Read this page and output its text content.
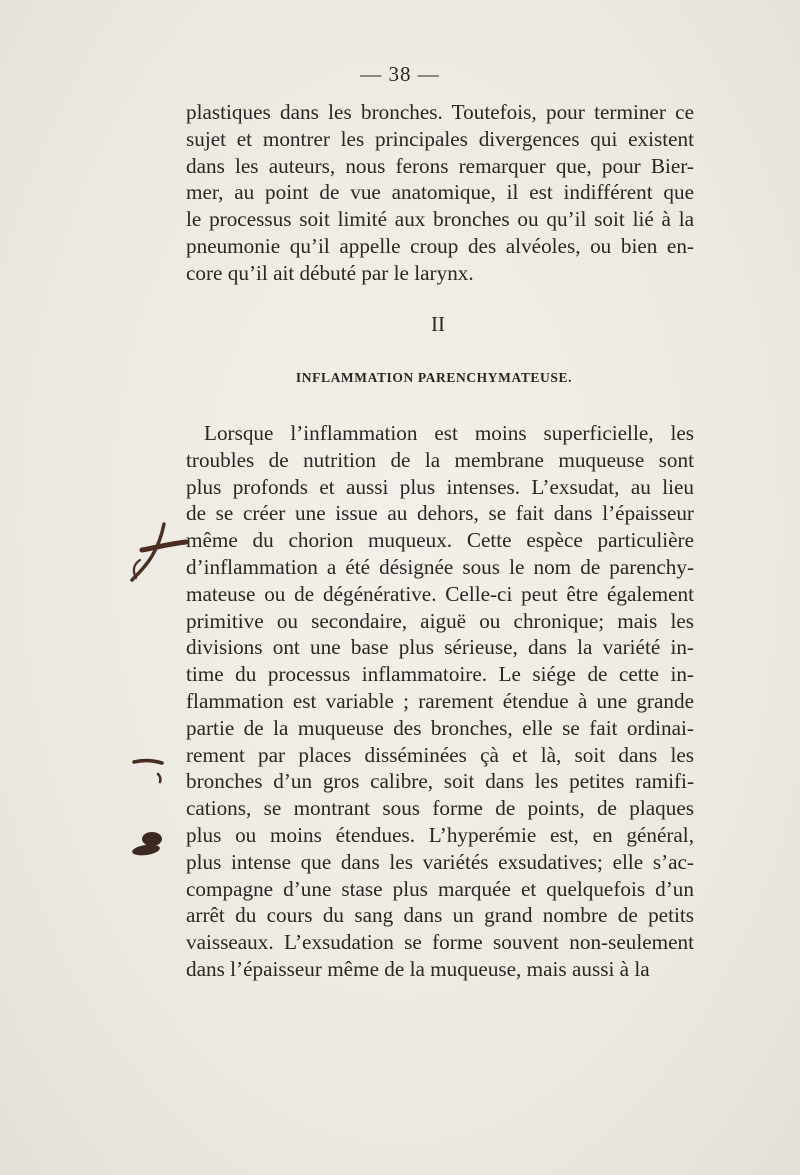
— 38 —
plastiques dans les bronches. Toutefois, pour terminer ce
sujet et montrer les principales divergences qui existent
dans les auteurs, nous ferons remarquer que, pour Bier-
mer, au point de vue anatomique, il est indifférent que
le processus soit limité aux bronches ou qu’il soit lié à la
pneumonie qu’il appelle croup des alvéoles, ou bien en-
core qu’il ait débuté par le larynx.
II
INFLAMMATION PARENCHYMATEUSE.
Lorsque l’inflammation est moins superficielle, les
troubles de nutrition de la membrane muqueuse sont
plus profonds et aussi plus intenses. L’exsudat, au lieu
de se créer une issue au dehors, se fait dans l’épaisseur
même du chorion muqueux. Cette espèce particulière
d’inflammation a été désignée sous le nom de parenchy-
mateuse ou de dégénérative. Celle-ci peut être également
primitive ou secondaire, aiguë ou chronique; mais les
divisions ont une base plus sérieuse, dans la variété in-
time du processus inflammatoire. Le siége de cette in-
flammation est variable ; rarement étendue à une grande
partie de la muqueuse des bronches, elle se fait ordinai-
rement par places disséminées çà et là, soit dans les
bronches d’un gros calibre, soit dans les petites ramifi-
cations, se montrant sous forme de points, de plaques
plus ou moins étendues. L’hyperémie est, en général,
plus intense que dans les variétés exsudatives; elle s’ac-
compagne d’une stase plus marquée et quelquefois d’un
arrêt du cours du sang dans un grand nombre de petits
vaisseaux. L’exsudation se forme souvent non-seulement
dans l’épaisseur même de la muqueuse, mais aussi à la
